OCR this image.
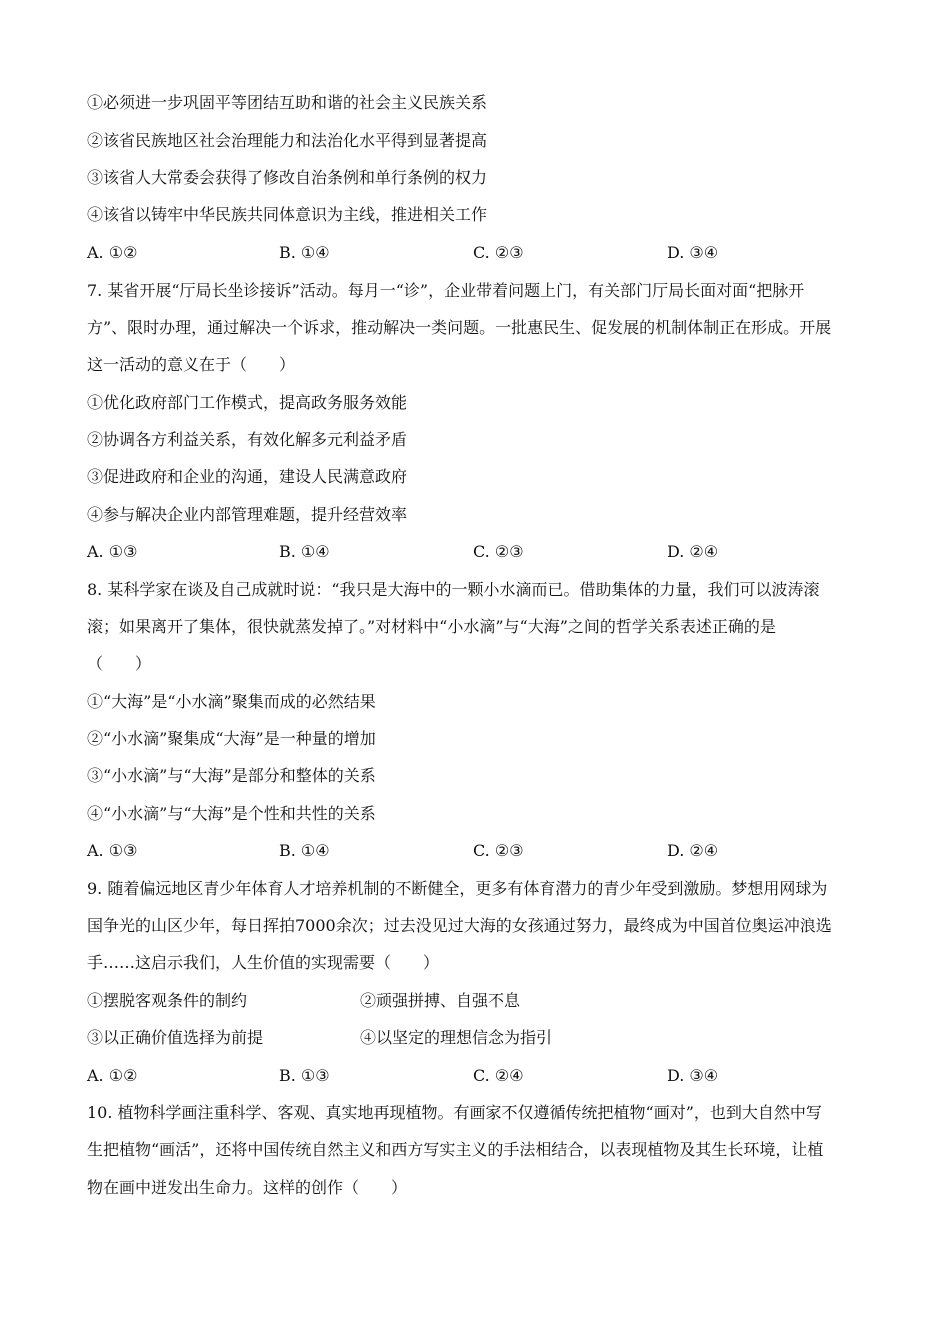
①必须进一步巩固平等团结互助和谐的社会主义民族关系
②该省民族地区社会治理能力和法治化水平得到显著提高
③该省人大常委会获得了修改自治条例和单行条例的权力
④该省以铸牢中华民族共同体意识为主线，推进相关工作
A. ①②	B. ①④	C. ②③	D. ③④
7. 某省开展“厅局长坐诊接诉”活动。每月一“诊”，企业带着问题上门，有关部门厅局长面对面“把脉开
方”、限时办理，通过解决一个诉求，推动解决一类问题。一批惠民生、促发展的机制体制正在形成。开展
这一活动的意义在于（　　）
①优化政府部门工作模式，提高政务服务效能
②协调各方利益关系，有效化解多元利益矛盾
③促进政府和企业的沟通，建设人民满意政府
④参与解决企业内部管理难题，提升经营效率
A. ①③	B. ①④	C. ②③	D. ②④
8. 某科学家在谈及自己成就时说：“我只是大海中的一颗小水滴而已。借助集体的力量，我们可以波涛滚
滚；如果离开了集体，很快就蒸发掉了。”对材料中“小水滴”与“大海”之间的哲学关系表述正确的是
（　　）
①“大海”是“小水滴”聚集而成的必然结果
②“小水滴”聚集成“大海”是一种量的增加
③“小水滴”与“大海”是部分和整体的关系
④“小水滴”与“大海”是个性和共性的关系
A. ①③	B. ①④	C. ②③	D. ②④
9. 随着偏远地区青少年体育人才培养机制的不断健全，更多有体育潜力的青少年受到激励。梦想用网球为
国争光的山区少年，每日挥拍7000余次；过去没见过大海的女孩通过努力，最终成为中国首位奥运冲浪选
手……这启示我们，人生价值的实现需要（　　）
①摆脱客观条件的制约	②顽强拼搏、自强不息
③以正确价值选择为前提	④以坚定的理想信念为指引
A. ①②	B. ①③	C. ②④	D. ③④
10. 植物科学画注重科学、客观、真实地再现植物。有画家不仅遵循传统把植物“画对”，也到大自然中写
生把植物“画活”，还将中国传统自然主义和西方写实主义的手法相结合，以表现植物及其生长环境，让植
物在画中迸发出生命力。这样的创作（　　）
